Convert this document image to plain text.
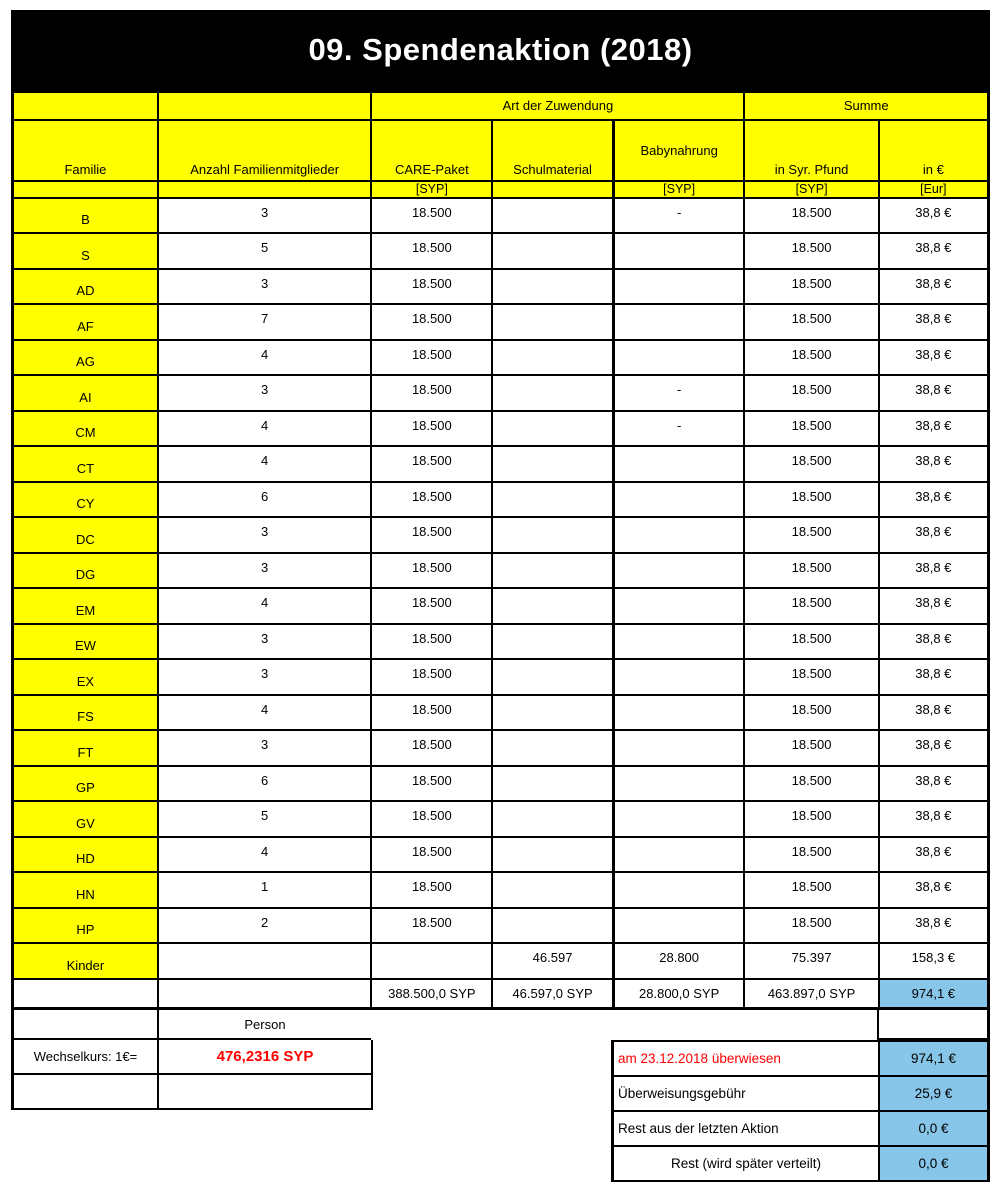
09. Spendenaktion (2018)
		Art der Zuwendung			Summe	
Familie	Anzahl Familienmitglieder	CARE-Paket	Schulmaterial	Babynahrung	in Syr. Pfund	in €
		[SYP]		[SYP]	[SYP]	[Eur]
B	3	18.500		-	18.500	38,8 €
S	5	18.500			18.500	38,8 €
AD	3	18.500			18.500	38,8 €
AF	7	18.500			18.500	38,8 €
AG	4	18.500			18.500	38,8 €
AI	3	18.500		-	18.500	38,8 €
CM	4	18.500		-	18.500	38,8 €
CT	4	18.500			18.500	38,8 €
CY	6	18.500			18.500	38,8 €
DC	3	18.500			18.500	38,8 €
DG	3	18.500			18.500	38,8 €
EM	4	18.500			18.500	38,8 €
EW	3	18.500			18.500	38,8 €
EX	3	18.500			18.500	38,8 €
FS	4	18.500			18.500	38,8 €
FT	3	18.500			18.500	38,8 €
GP	6	18.500			18.500	38,8 €
GV	5	18.500			18.500	38,8 €
HD	4	18.500			18.500	38,8 €
HN	1	18.500			18.500	38,8 €
HP	2	18.500			18.500	38,8 €
Kinder			46.597	28.800	75.397	158,3 €
		388.500,0 SYP	46.597,0 SYP	28.800,0 SYP	463.897,0 SYP	974,1 €
Person
Wechselkurs: 1€=	476,2316 SYP	am 23.12.2018 überwiesen	974,1 €
Überweisungsgebühr	25,9 €
Rest aus der letzten Aktion	0,0 €
Rest (wird später verteilt)	0,0 €
